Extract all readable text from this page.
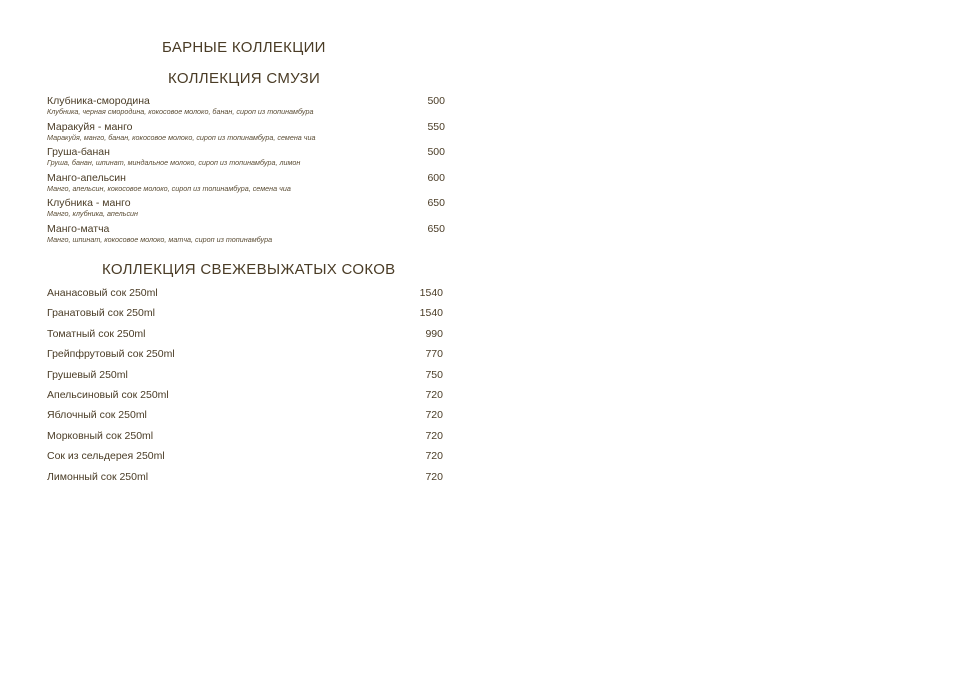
БАРНЫЕ КОЛЛЕКЦИИ
КОЛЛЕКЦИЯ СМУЗИ
Клубника-смородина
Клубника, черная смородина, кокосовое молоко, банан, сироп из топинамбура
500
Маракуйя - манго
Маракуйя, манго, банан, кокосовое молоко, сироп из топинамбура, семена чиа
550
Груша-банан
Груша, банан, шпинат, миндальное молоко, сироп из топинамбура, лимон
500
Манго-апельсин
Манго, апельсин, кокосовое молоко, сироп из топинамбура, семена чиа
600
Клубника - манго
Манго, клубника, апельсин
650
Манго-матча
Манго, шпинат, кокосовое молоко, матча, сироп из топинамбура
650
КОЛЛЕКЦИЯ СВЕЖЕВЫЖАТЫХ СОКОВ
Ананасовый сок 250ml	1540
Гранатовый сок 250ml	1540
Томатный сок 250ml	990
Грейпфрутовый сок 250ml	770
Грушевый 250ml	750
Апельсиновый сок 250ml	720
Яблочный сок 250ml	720
Морковный сок 250ml	720
Сок из сельдерея 250ml	720
Лимонный сок 250ml	720
